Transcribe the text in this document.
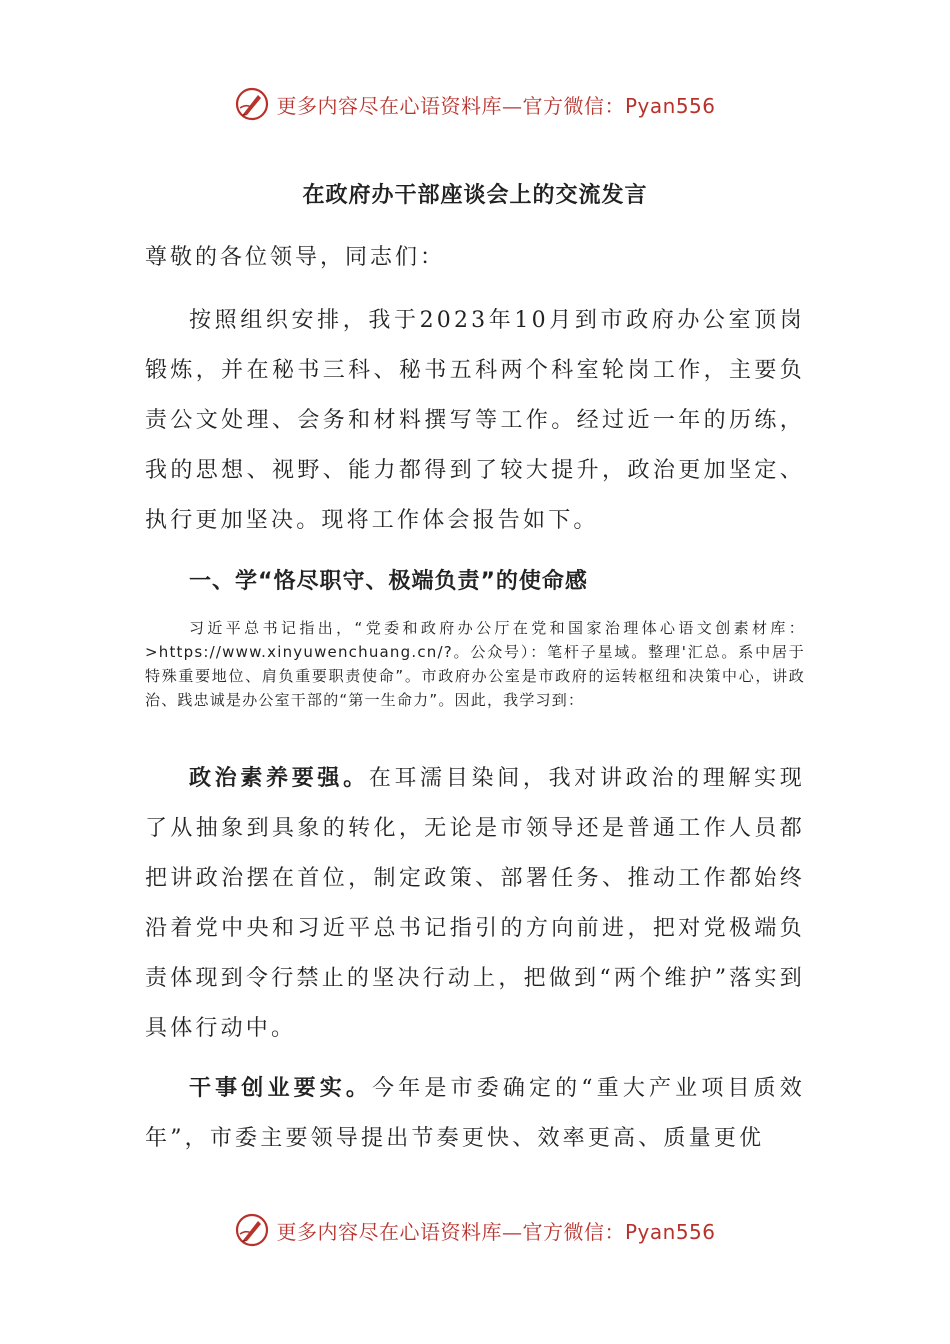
更多内容尽在心语资料库—官方微信：Pyan556
在政府办干部座谈会上的交流发言
尊敬的各位领导，同志们：

按照组织安排，我于2023年10月到市政府办公室顶岗锻炼，并在秘书三科、秘书五科两个科室轮岗工作，主要负责公文处理、会务和材料撰写等工作。经过近一年的历练，我的思想、视野、能力都得到了较大提升，政治更加坚定、执行更加坚决。现将工作体会报告如下。

一、学“恪尽职守、极端负责”的使命感

习近平总书记指出，“党委和政府办公厅在党和国家治理体心语文创素材库：>https://www.xinyuwenchuang.cn/?。公众号）：笔杆子星域。整理'汇总。系中居于特殊重要地位、肩负重要职责使命”。市政府办公室是市政府的运转枢纽和决策中心，讲政治、践忠诚是办公室干部的“第一生命力”。因此，我学习到：

政治素养要强。在耳濡目染间，我对讲政治的理解实现了从抽象到具象的转化，无论是市领导还是普通工作人员都把讲政治摆在首位，制定政策、部署任务、推动工作都始终沿着党中央和习近平总书记指引的方向前进，把对党极端负责体现到令行禁止的坚决行动上，把做到“两个维护”落实到具体行动中。

干事创业要实。今年是市委确定的“重大产业项目质效年”，市委主要领导提出节奏更快、效率更高、质量更优

更多内容尽在心语资料库—官方微信：Pyan556
